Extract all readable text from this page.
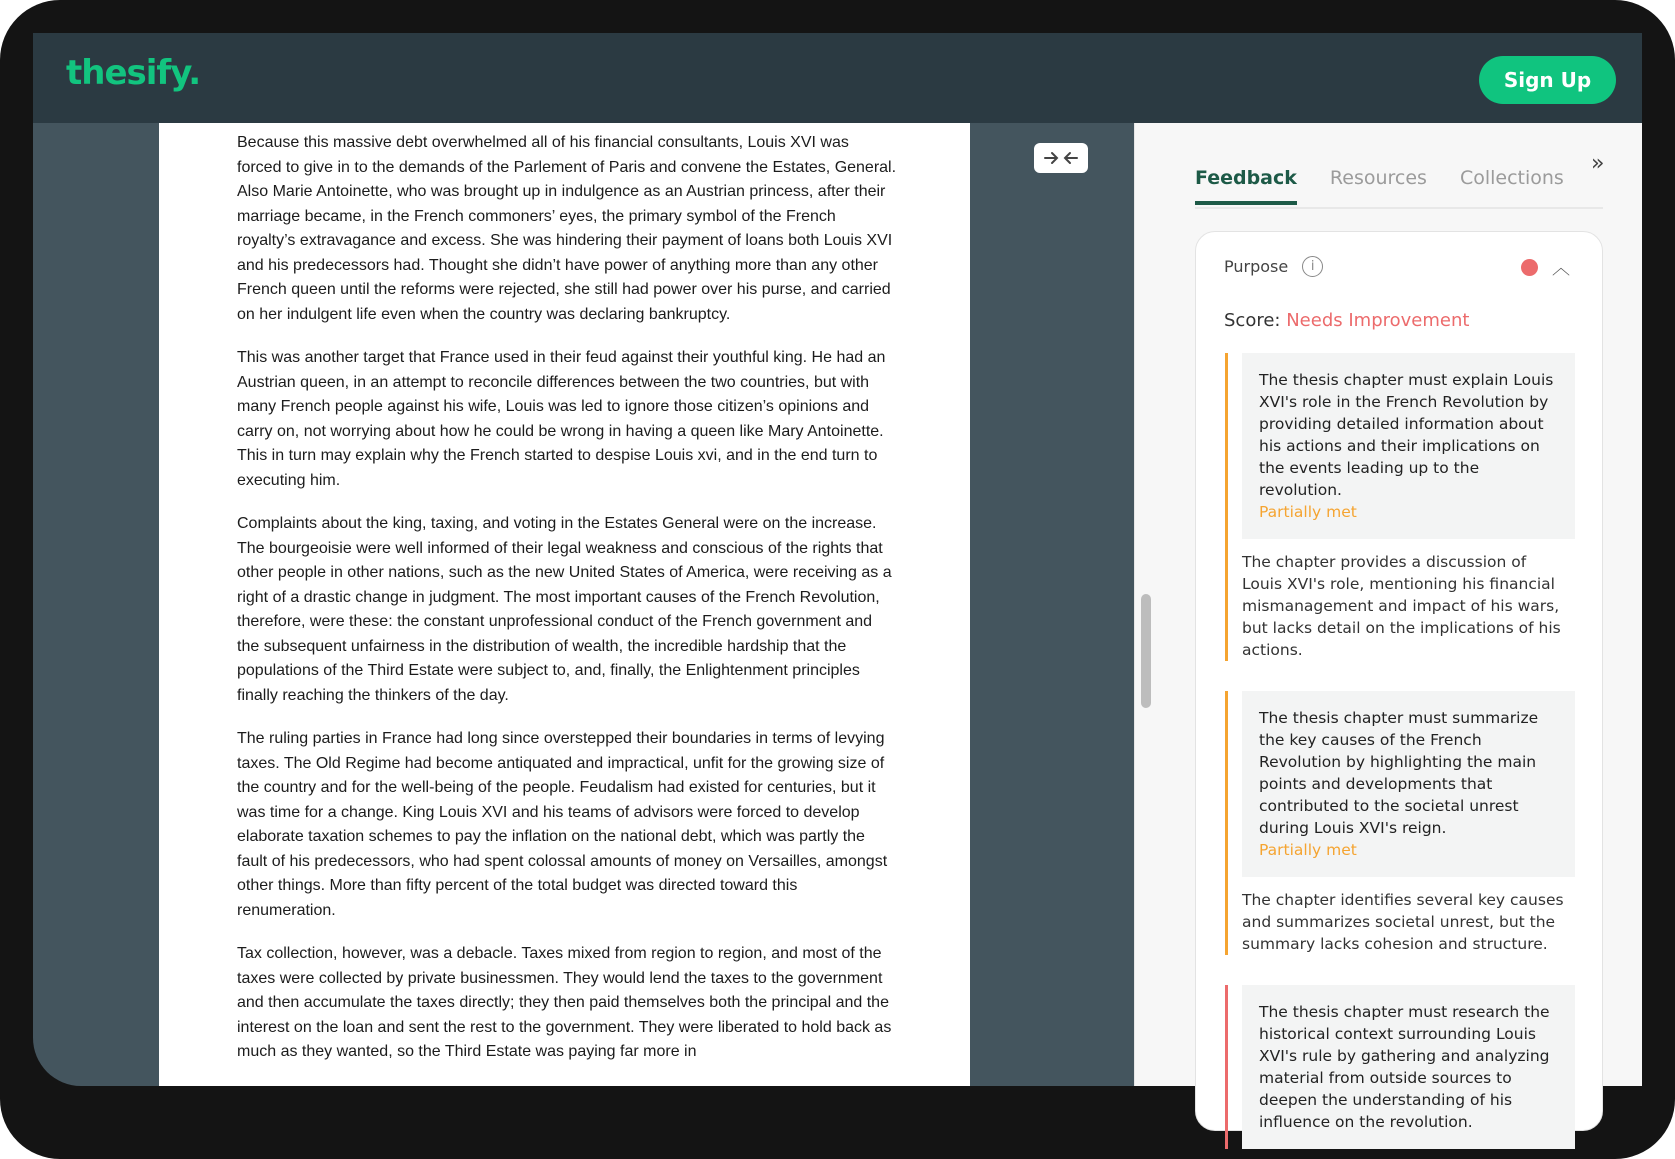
thesify.	Sign Up

Because this massive debt overwhelmed all of his financial consultants, Louis XVI was forced to give in to the demands of the Parlement of Paris and convene the Estates, General. Also Marie Antoinette, who was brought up in indulgence as an Austrian princess, after their marriage became, in the French commoners’ eyes, the primary symbol of the French royalty’s extravagance and excess. She was hindering their payment of loans both Louis XVI and his predecessors had. Thought she didn’t have power of anything more than any other French queen until the reforms were rejected, she still had power over his purse, and carried on her indulgent life even when the country was declaring bankruptcy.

This was another target that France used in their feud against their youthful king. He had an Austrian queen, in an attempt to reconcile differences between the two countries, but with many French people against his wife, Louis was led to ignore those citizen’s opinions and carry on, not worrying about how he could be wrong in having a queen like Mary Antoinette. This in turn may explain why the French started to despise Louis xvi, and in the end turn to executing him.

Complaints about the king, taxing, and voting in the Estates General were on the increase. The bourgeoisie were well informed of their legal weakness and conscious of the rights that other people in other nations, such as the new United States of America, were receiving as a right of a drastic change in judgment. The most important causes of the French Revolution, therefore, were these: the constant unprofessional conduct of the French government and the subsequent unfairness in the distribution of wealth, the incredible hardship that the populations of the Third Estate were subject to, and, finally, the Enlightenment principles finally reaching the thinkers of the day.

The ruling parties in France had long since overstepped their boundaries in terms of levying taxes. The Old Regime had become antiquated and impractical, unfit for the growing size of the country and for the well-being of the people. Feudalism had existed for centuries, but it was time for a change. King Louis XVI and his teams of advisors were forced to develop elaborate taxation schemes to pay the inflation on the national debt, which was partly the fault of his predecessors, who had spent colossal amounts of money on Versailles, amongst other things. More than fifty percent of the total budget was directed toward this renumeration.

Tax collection, however, was a debacle. Taxes mixed from region to region, and most of the taxes were collected by private businessmen. They would lend the taxes to the government and then accumulate the taxes directly; they then paid themselves both the principal and the interest on the loan and sent the rest to the government. They were liberated to hold back as much as they wanted, so the Third Estate was paying far more in

»
Feedback Resources Collections
Purpose	i	︿
Score: Needs Improvement
The thesis chapter must explain Louis XVI's role in the French Revolution by providing detailed information about his actions and their implications on the events leading up to the revolution.
Partially met
The chapter provides a discussion of Louis XVI's role, mentioning his financial mismanagement and impact of his wars, but lacks detail on the implications of his actions.
The thesis chapter must summarize the key causes of the French Revolution by highlighting the main points and developments that contributed to the societal unrest during Louis XVI's reign.
Partially met
The chapter identifies several key causes and summarizes societal unrest, but the summary lacks cohesion and structure.
The thesis chapter must research the historical context surrounding Louis XVI's rule by gathering and analyzing material from outside sources to deepen the understanding of his influence on the revolution.
